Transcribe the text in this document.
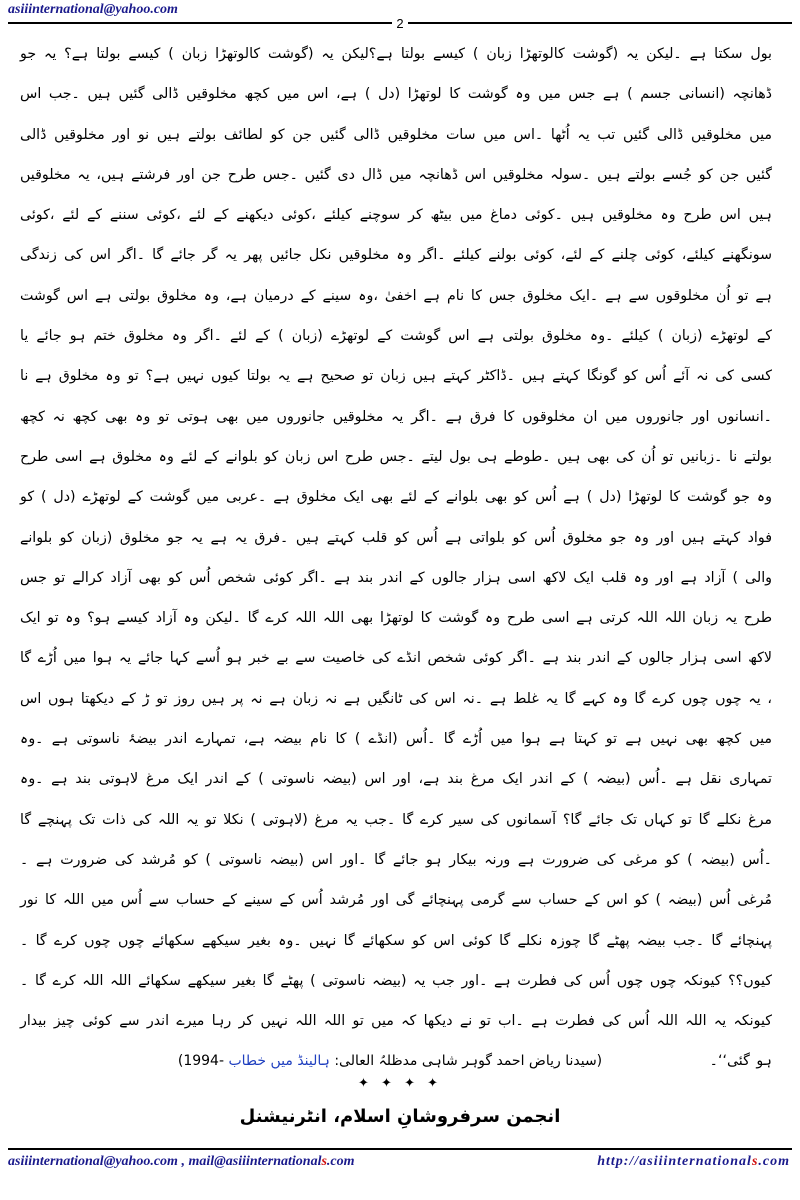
asiiinternational@yahoo.com
2

بول سکتا ہے ۔لیکن یہ (گوشت کالوتھڑا زبان ) کیسے بولتا ہے؟لیکن یہ (گوشت کالوتھڑا زبان ) کیسے بولتا ہے؟ یہ جو ڈھانچہ (انسانی جسم ) ہے جس میں وہ گوشت کا لوتھڑا (دل ) ہے، اس میں کچھ مخلوقیں ڈالی گئیں ہیں ۔جب اس میں مخلوقیں ڈالی گئیں تب یہ اُٹھا ۔اس میں سات مخلوقیں ڈالی گئیں جن کو لطائف بولتے ہیں نو اور مخلوقیں ڈالی گئیں جن کو جُسے بولتے ہیں ۔سولہ مخلوقیں اس ڈھانچہ میں ڈال دی گئیں ۔جس طرح جن اور فرشتے ہیں، یہ مخلوقیں ہیں اس طرح وہ مخلوقیں ہیں ۔کوئی دماغ میں بیٹھ کر سوچنے کیلئے ،کوئی دیکھنے کے لئے ،کوئی سننے کے لئے ،کوئی سونگھنے کیلئے، کوئی چلنے کے لئے، کوئی بولنے کیلئے ۔اگر وہ مخلوقیں نکل جائیں پھر یہ گر جائے گا ۔اگر اس کی زندگی ہے تو اُن مخلوقوں سے ہے ۔ایک مخلوق جس کا نام ہے اخفیٰ ،وہ سینے کے درمیان ہے، وہ مخلوق بولتی ہے اس گوشت کے لوتھڑے (زبان ) کیلئے ۔وہ مخلوق بولتی ہے اس گوشت کے لوتھڑے (زبان ) کے لئے ۔اگر وہ مخلوق ختم ہو جائے یا کسی کی نہ آئے اُس کو گونگا کہتے ہیں ۔ڈاکٹر کہتے ہیں زبان تو صحیح ہے یہ بولتا کیوں نہیں ہے؟ تو وہ مخلوق ہے نا ۔انسانوں اور جانوروں میں ان مخلوقوں کا فرق ہے ۔اگر یہ مخلوقیں جانوروں میں بھی ہوتی تو وہ بھی کچھ نہ کچھ بولتے نا ۔زبانیں تو اُن کی بھی ہیں ۔طوطے ہی بول لیتے ۔جس طرح اس زبان کو بلوانے کے لئے وہ مخلوق ہے اسی طرح وہ جو گوشت کا لوتھڑا (دل ) ہے اُس کو بھی بلوانے کے لئے بھی ایک مخلوق ہے ۔عربی میں گوشت کے لوتھڑے (دل ) کو فواد کہتے ہیں اور وہ جو مخلوق اُس کو بلواتی ہے اُس کو قلب کہتے ہیں ۔فرق یہ ہے یہ جو مخلوق (زبان کو بلوانے والی ) آزاد ہے اور وہ قلب ایک لاکھ اسی ہزار جالوں کے اندر بند ہے ۔اگر کوئی شخص اُس کو بھی آزاد کرالے تو جس طرح یہ زبان اللہ اللہ کرتی ہے اسی طرح وہ گوشت کا لوتھڑا بھی اللہ اللہ کرے گا ۔لیکن وہ آزاد کیسے ہو؟ وہ تو ایک لاکھ اسی ہزار جالوں کے اندر بند ہے ۔اگر کوئی شخص انڈے کی خاصیت سے بے خبر ہو اُسے کہا جائے یہ ہوا میں اُڑے گا ، یہ چوں چوں کرے گا وہ کہے گا یہ غلط ہے ۔نہ اس کی ٹانگیں ہے نہ زبان ہے نہ پر ہیں روز تو ڑ کے دیکھتا ہوں اس میں کچھ بھی نہیں ہے تو کہتا ہے ہوا میں اُڑے گا ۔اُس (انڈے ) کا نام بیضہ ہے، تمہارے اندر بیضۂ ناسوتی ہے ۔وہ تمہاری نقل ہے ۔اُس (بیضہ ) کے اندر ایک مرغ بند ہے، اور اس (بیضہ ناسوتی ) کے اندر ایک مرغ لاہوتی بند ہے ۔وہ مرغ نکلے گا تو کہاں تک جائے گا؟ آسمانوں کی سیر کرے گا ۔جب یہ مرغ (لاہوتی ) نکلا تو یہ اللہ کی ذات تک پہنچے گا ۔اُس (بیضہ ) کو مرغی کی ضرورت ہے ورنہ بیکار ہو جائے گا ۔اور اس (بیضہ ناسوتی ) کو مُرشد کی ضرورت ہے ۔مُرغی اُس (بیضہ ) کو اس کے حساب سے گرمی پہنچائے گی اور مُرشد اُس کے سینے کے حساب سے اُس میں اللہ کا نور پہنچائے گا ۔جب بیضہ پھٹے گا چوزہ نکلے گا کوئی اس کو سکھائے گا نہیں ۔وہ بغیر سیکھے سکھائے چوں چوں کرے گا ۔کیوں؟؟ کیونکہ چوں چوں اُس کی فطرت ہے ۔اور جب یہ (بیضہ ناسوتی ) پھٹے گا بغیر سیکھے سکھائے اللہ اللہ کرے گا ۔کیونکہ یہ اللہ اللہ اُس کی فطرت ہے ۔اب تو نے دیکھا کہ میں تو اللہ اللہ نہیں کر رہا میرے اندر سے کوئی چیز بیدار ہو گئی‘‘۔

(سیدنا ریاض احمد گوہر شاہی مدظلہُ العالی: ہالینڈ میں خطاب -1994)
✦ ✦ ✦ ✦
انجمن سرفروشانِ اسلام، انٹرنیشنل
asiiinternational@yahoo.com , mail@asiiinternationals.com	http://asiiinternationals.com
